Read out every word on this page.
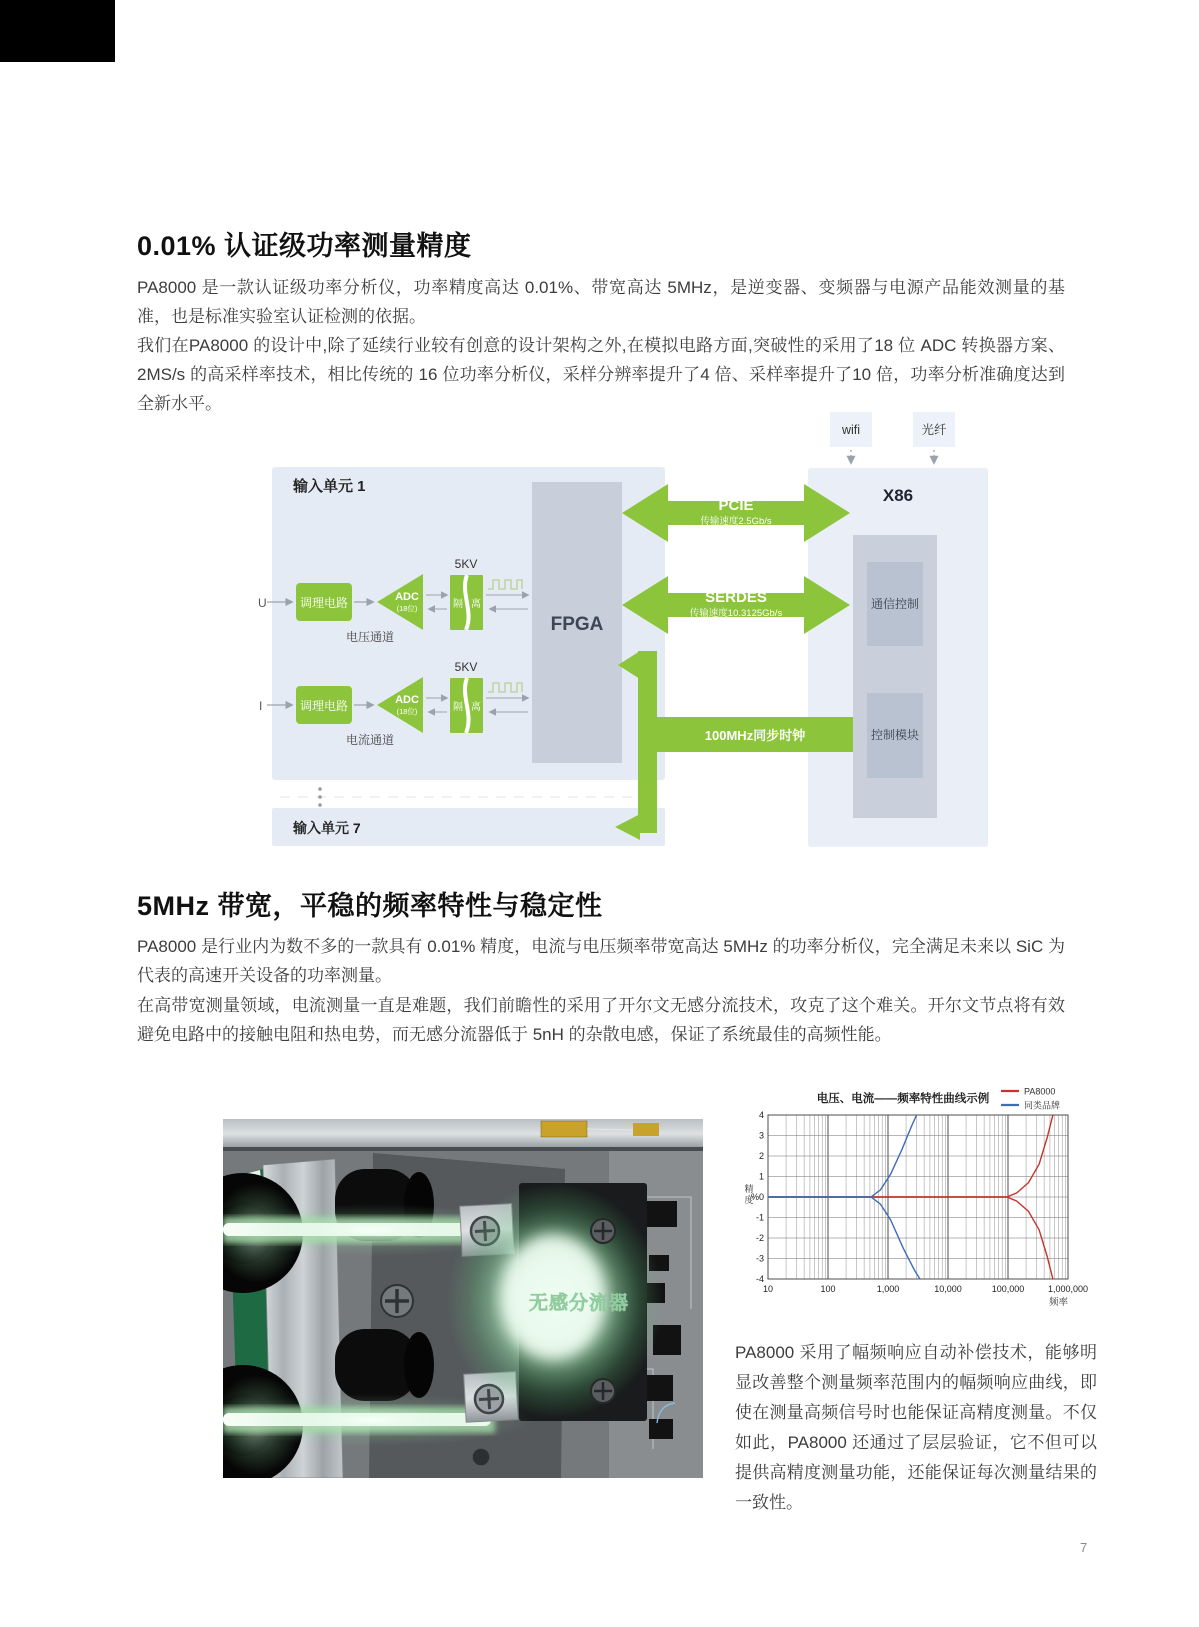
0.01% 认证级功率测量精度

PA8000 是一款认证级功率分析仪，功率精度高达 0.01%、带宽高达 5MHz，是逆变器、变频器与电源产品能效测量的基准，也是标准实验室认证检测的依据。

我们在PA8000 的设计中,除了延续行业较有创意的设计架构之外,在模拟电路方面,突破性的采用了18 位 ADC 转换器方案、2MS/s 的高采样率技术，相比传统的 16 位功率分析仪，采样分辨率提升了4 倍、采样率提升了10 倍，功率分析准确度达到全新水平。

输入单元 1
输入单元 7
FPGA
X86
通信控制
控制模块
wifi	光纤
U	调理电路	ADC
(18位)	隔 离
5KV
电压通道
I	调理电路	ADC
(18位)	隔 离
5KV
电流通道
PCIE
传输速度2.5Gb/s
SERDES
传输速度10.3125Gb/s
100MHz同步时钟
5MHz 带宽，平稳的频率特性与稳定性

PA8000 是行业内为数不多的一款具有 0.01% 精度，电流与电压频率带宽高达 5MHz 的功率分析仪，完全满足未来以 SiC 为代表的高速开关设备的功率测量。

在高带宽测量领域，电流测量一直是难题，我们前瞻性的采用了开尔文无感分流技术，攻克了这个难关。开尔文节点将有效避免电路中的接触电阻和热电势，而无感分流器低于 5nH 的杂散电感，保证了系统最佳的高频性能。

无感分流器
4
3
2
1
%0
-1
-2
-3
-4
10	100	1,000	10,000	100,000	1,000,000
频率
精
度
电压、电流——频率特性曲线示例
PA8000
同类品牌

PA8000 采用了幅频响应自动补偿技术，能够明显改善整个测量频率范围内的幅频响应曲线，即使在测量高频信号时也能保证高精度测量。不仅如此，PA8000 还通过了层层验证，它不但可以提供高精度测量功能，还能保证每次测量结果的一致性。

7
